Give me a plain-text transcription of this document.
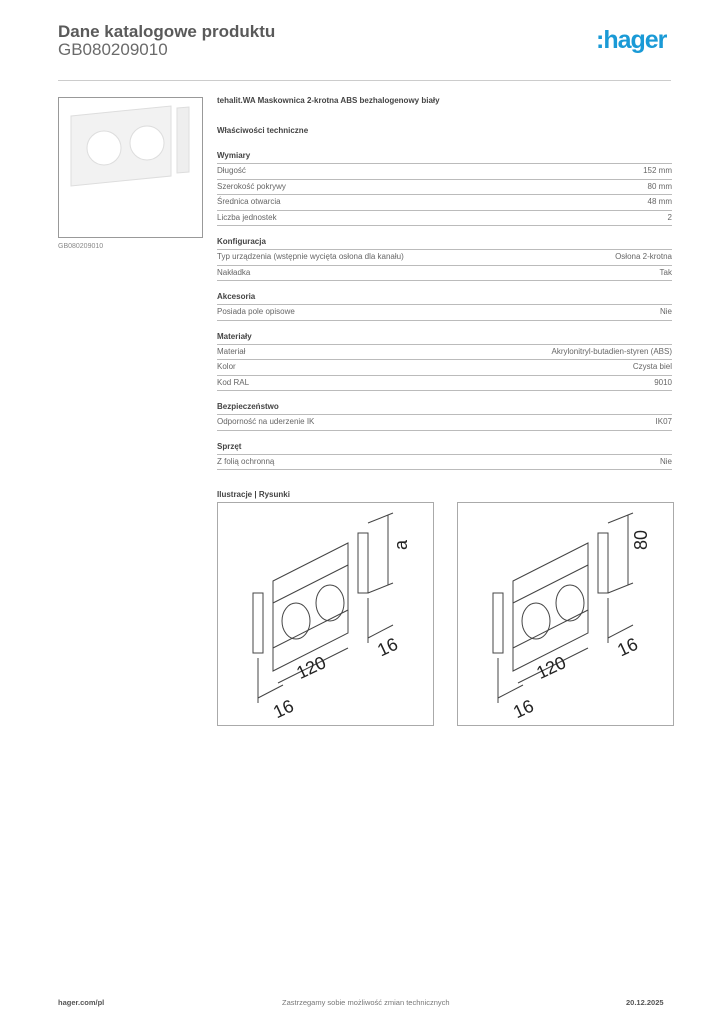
Dane katalogowe produktu
GB080209010	:hager
GB080209010
tehalit.WA Maskownica 2-krotna ABS bezhalogenowy biały
Właściwości techniczne
Wymiary
Długość	152 mm
Szerokość pokrywy	80 mm
Średnica otwarcia	48 mm
Liczba jednostek	2
Konfiguracja
Typ urządzenia (wstępnie wycięta osłona dla kanału)	Osłona 2-krotna
Nakładka	Tak
Akcesoria
Posiada pole opisowe	Nie
Materiały
Materiał	Akrylonitryl-butadien-styren (ABS)
Kolor	Czysta biel
Kod RAL	9010
Bezpieczeństwo
Odporność na uderzenie IK	IK07
Sprzęt
Z folią ochronną	Nie
Ilustracje | Rysunki
a
120
16
16
80
120
16
16
hager.com/pl	Zastrzegamy sobie możliwość zmian technicznych	20.12.2025
